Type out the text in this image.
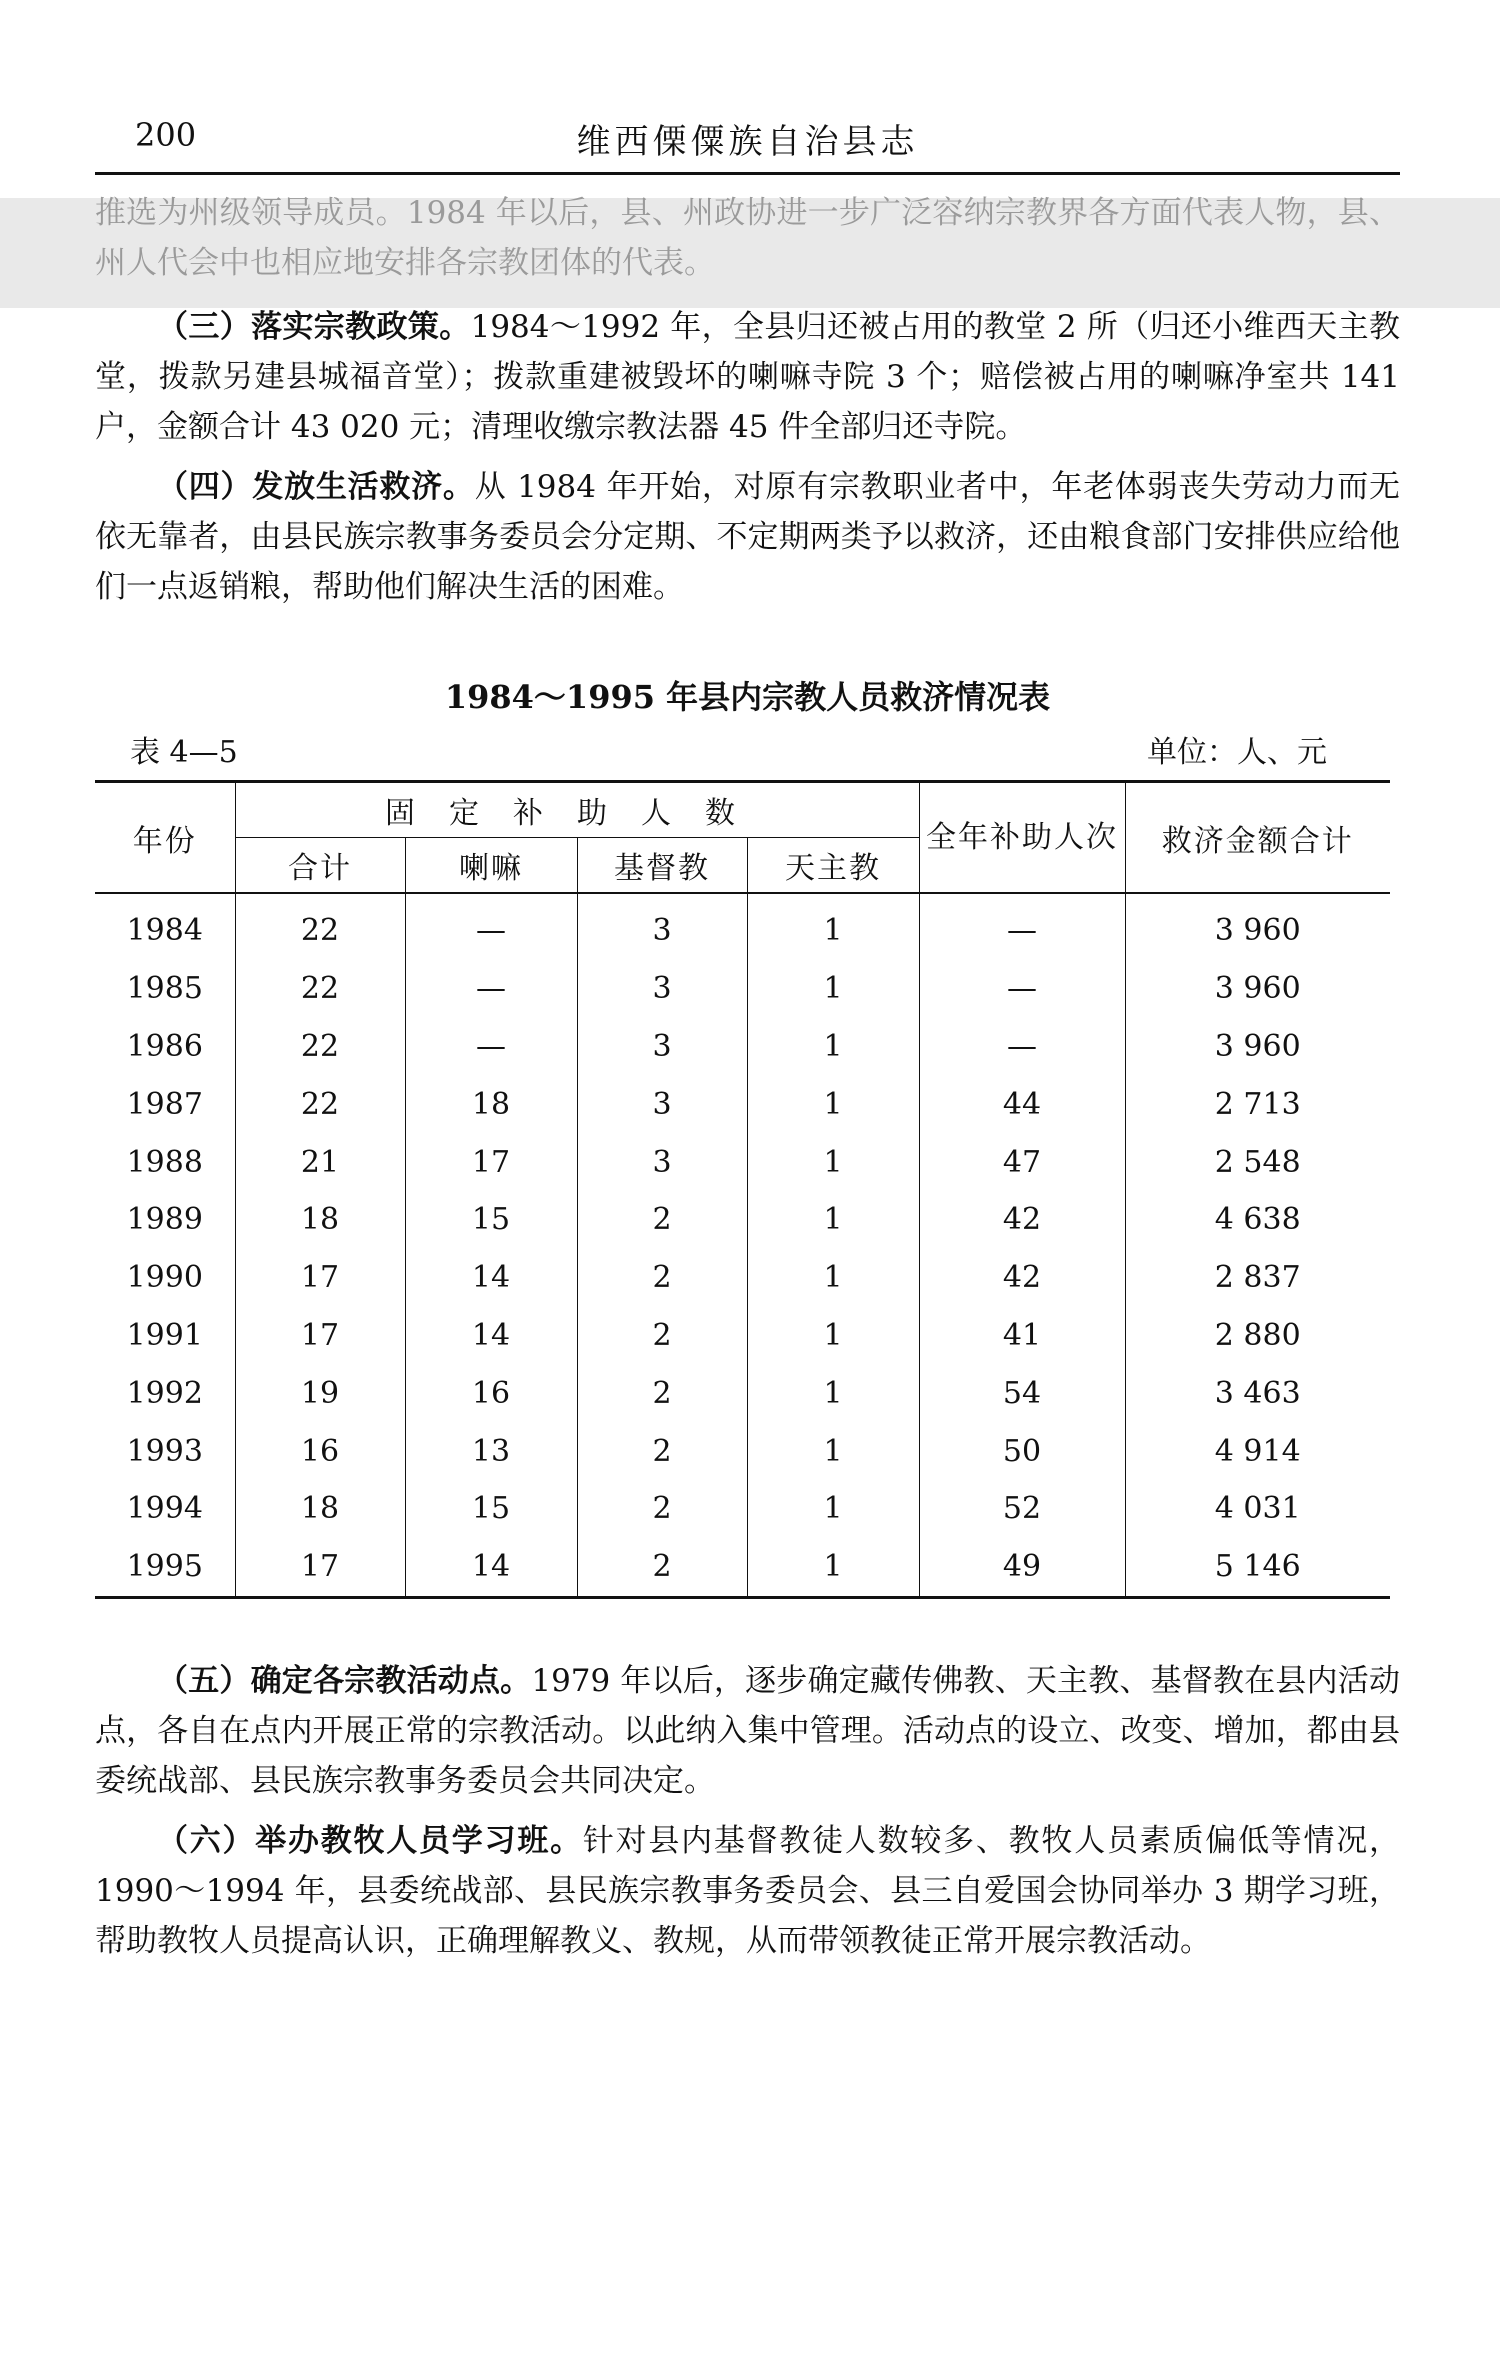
200	维西傈僳族自治县志

推选为州级领导成员。1984 年以后，县、州政协进一步广泛容纳宗教界各方面代表人物，县、州人代会中也相应地安排各宗教团体的代表。

（三）落实宗教政策。1984～1992 年，全县归还被占用的教堂 2 所（归还小维西天主教堂，拨款另建县城福音堂）；拨款重建被毁坏的喇嘛寺院 3 个；赔偿被占用的喇嘛净室共 141 户，金额合计 43 020 元；清理收缴宗教法器 45 件全部归还寺院。

（四）发放生活救济。从 1984 年开始，对原有宗教职业者中，年老体弱丧失劳动力而无依无靠者，由县民族宗教事务委员会分定期、不定期两类予以救济，还由粮食部门安排供应给他们一点返销粮，帮助他们解决生活的困难。

1984～1995 年县内宗教人员救济情况表
表 4—5	单位：人、元
年份	固定补助人数				全年补助人次	救济金额合计
	合计	喇嘛	基督教	天主教		
1984	22	—	3	1	—	3 960
1985	22	—	3	1	—	3 960
1986	22	—	3	1	—	3 960
1987	22	18	3	1	44	2 713
1988	21	17	3	1	47	2 548
1989	18	15	2	1	42	4 638
1990	17	14	2	1	42	2 837
1991	17	14	2	1	41	2 880
1992	19	16	2	1	54	3 463
1993	16	13	2	1	50	4 914
1994	18	15	2	1	52	4 031
1995	17	14	2	1	49	5 146

（五）确定各宗教活动点。1979 年以后，逐步确定藏传佛教、天主教、基督教在县内活动点，各自在点内开展正常的宗教活动。以此纳入集中管理。活动点的设立、改变、增加，都由县委统战部、县民族宗教事务委员会共同决定。

（六）举办教牧人员学习班。针对县内基督教徒人数较多、教牧人员素质偏低等情况，1990～1994 年，县委统战部、县民族宗教事务委员会、县三自爱国会协同举办 3 期学习班，帮助教牧人员提高认识，正确理解教义、教规，从而带领教徒正常开展宗教活动。
